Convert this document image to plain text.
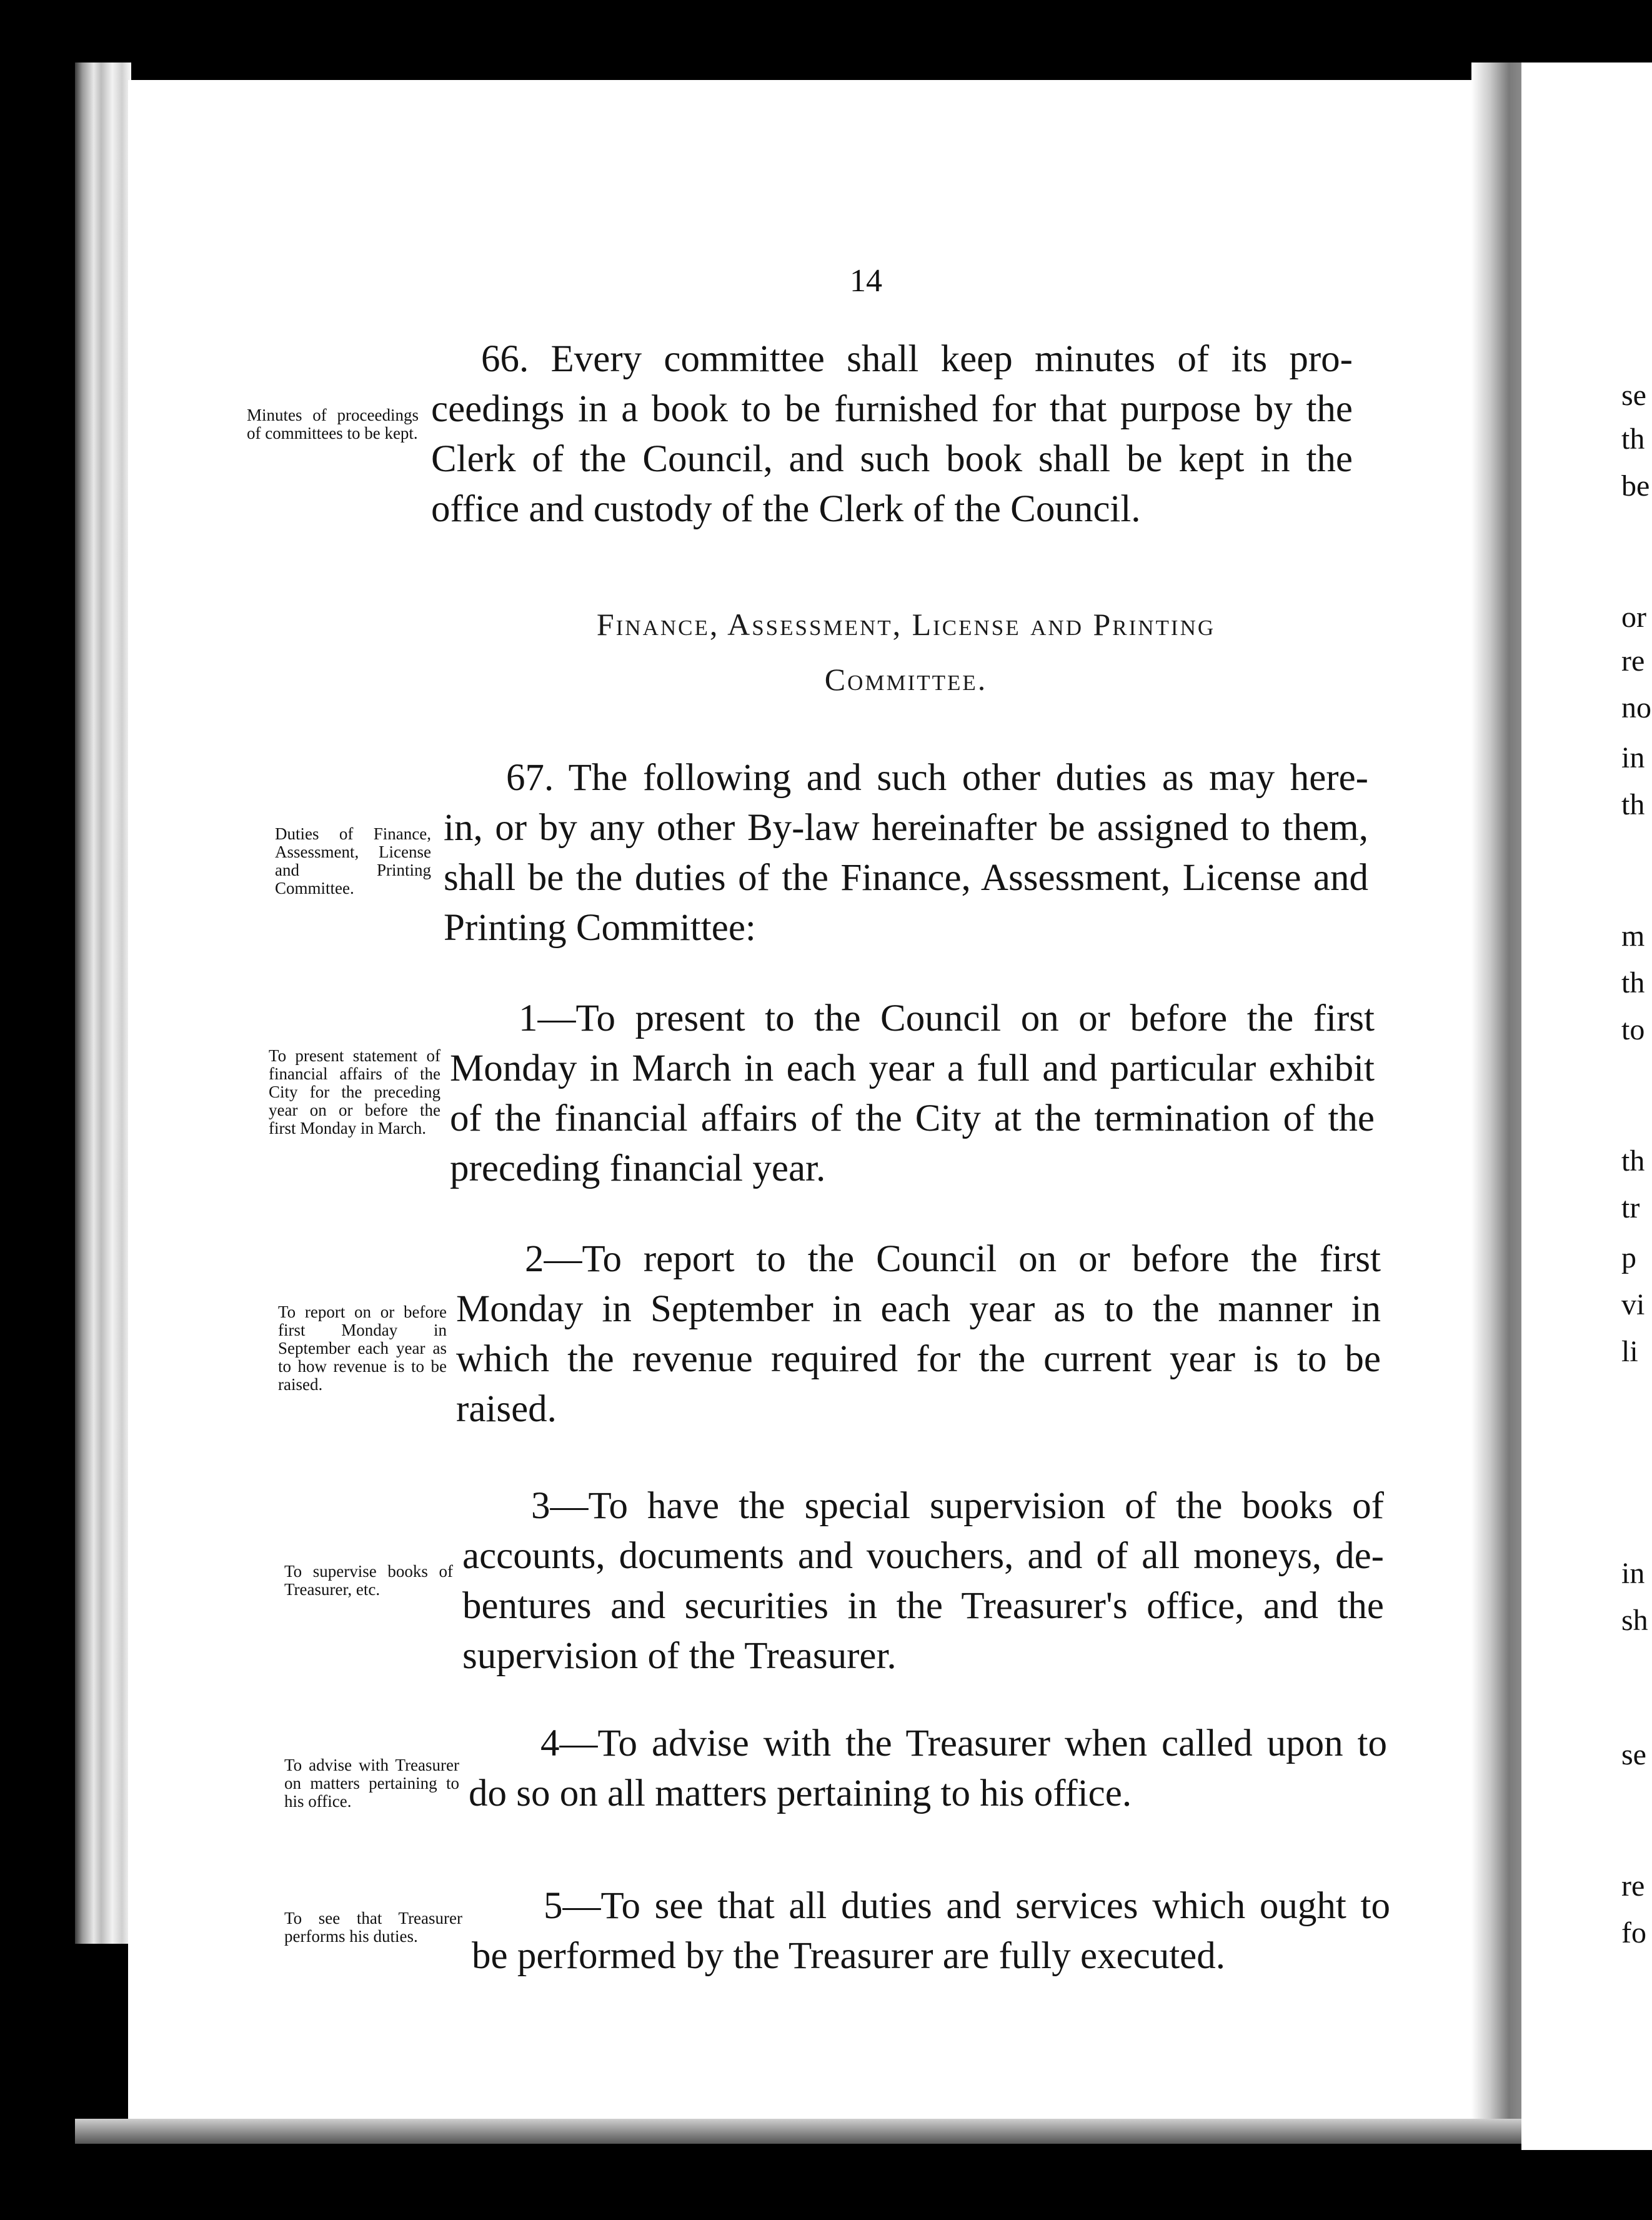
14
66. Every committee shall keep minutes of its pro-
ceedings in a book to be furnished for that purpose by the
Clerk of the Council, and such book shall be kept in the
office and custody of the Clerk of the Council.
Minutes of proceedings of committees to be kept.
Finance, Assessment, License and Printing
Committee.
67. The following and such other duties as may here-
in, or by any other By-law hereinafter be assigned to them,
shall be the duties of the Finance, Assessment, License and
Printing Committee:
Duties of Finance, Assessment, License and Printing Committee.
1—To present to the Council on or before the first
Monday in March in each year a full and particular exhibit
of the financial affairs of the City at the termination of the
preceding financial year.
To present statement of financial affairs of the City for the preceding year on or before the first Monday in March.
2—To report to the Council on or before the first
Monday in September in each year as to the manner in
which the revenue required for the current year is to be
raised.
To report on or before first Monday in September each year as to how revenue is to be raised.
3—To have the special supervision of the books of
accounts, documents and vouchers, and of all moneys, de-
bentures and securities in the Treasurer's office, and the
supervision of the Treasurer.
To supervise books of Treasurer, etc.
4—To advise with the Treasurer when called upon to
do so on all matters pertaining to his office.
To advise with Treasurer on matters pertaining to his office.
5—To see that all duties and services which ought to
be performed by the Treasurer are fully executed.
To see that Treasurer performs his duties.
se
th
be
or
re
no
in
th
m
th
to
th
tr
p
vi
li
in
sh
se
re
fo
